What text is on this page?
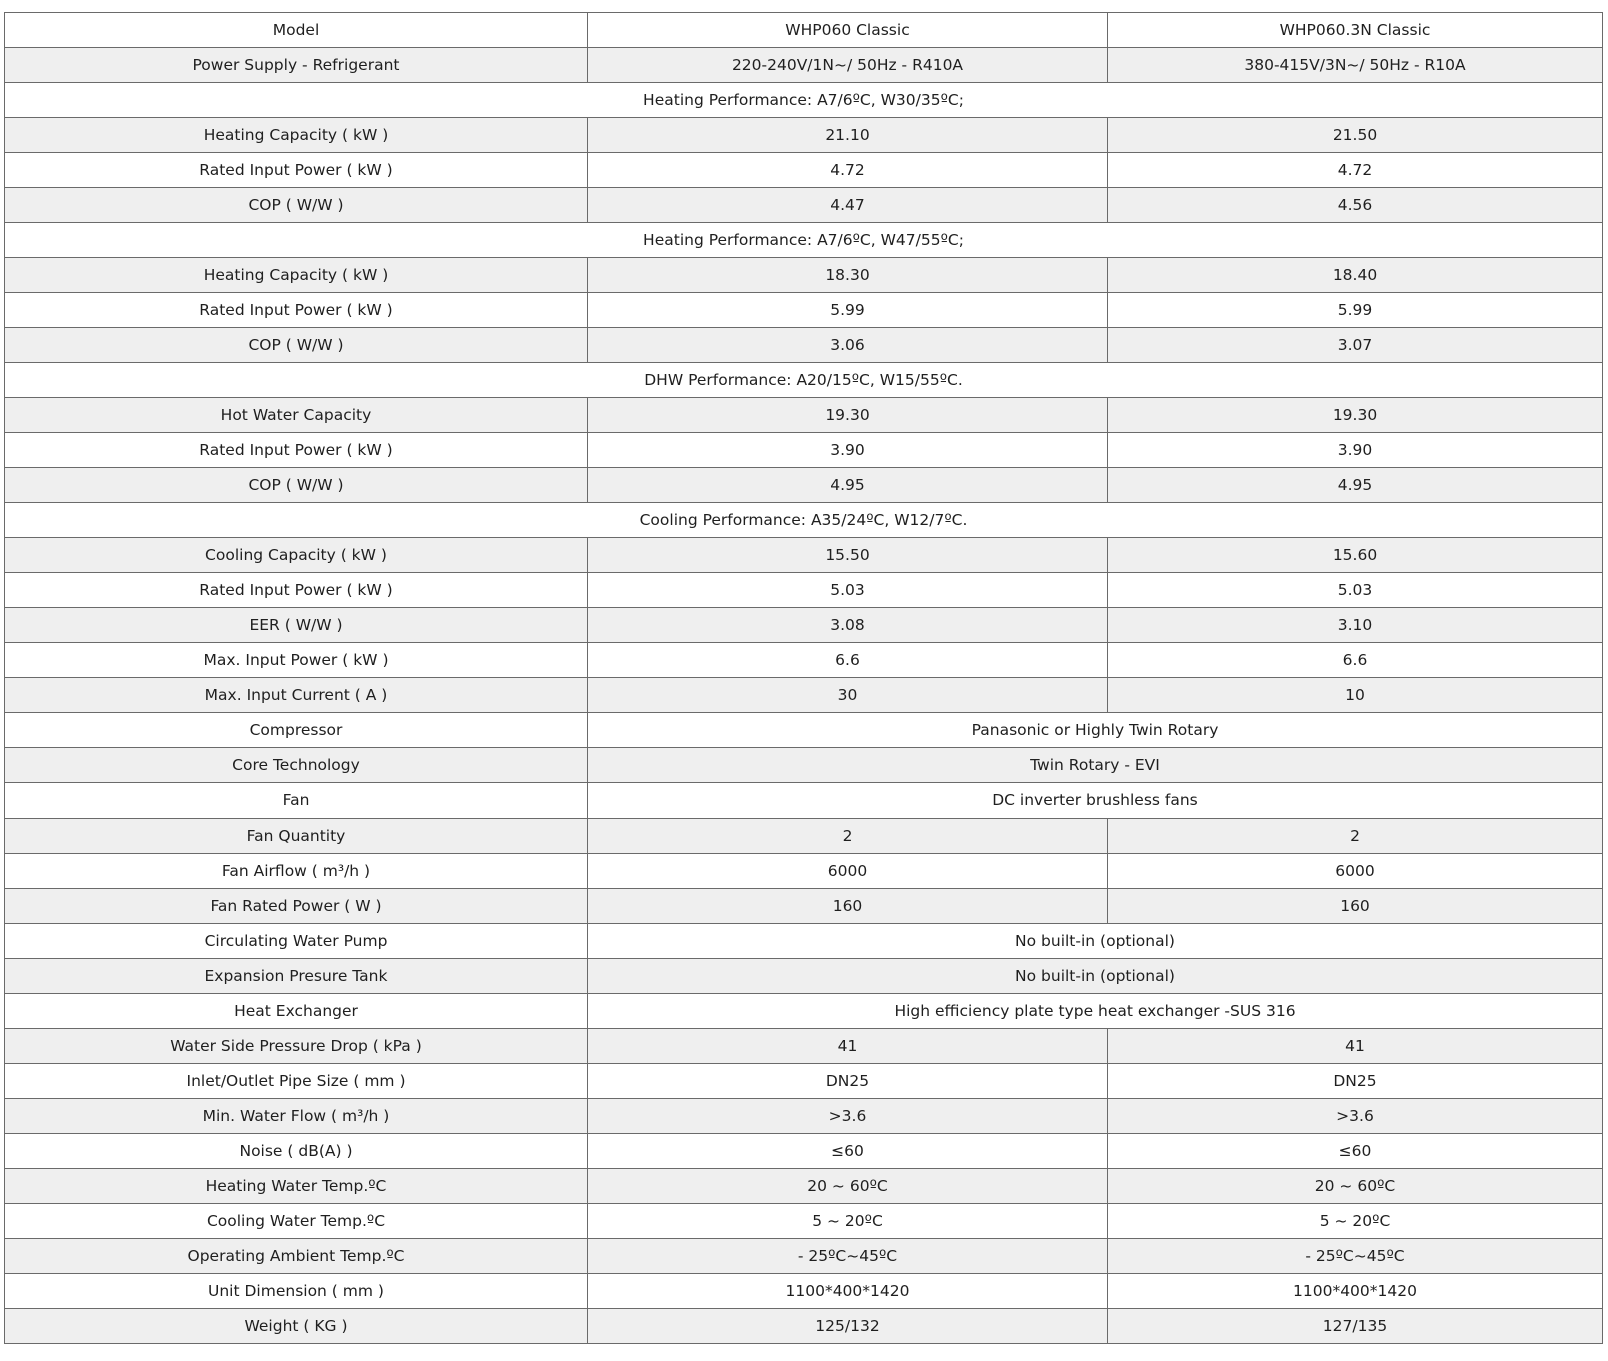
Model	WHP060 Classic	WHP060.3N Classic
Power Supply - Refrigerant	220-240V/1N~/ 50Hz - R410A	380-415V/3N~/ 50Hz - R10A
Heating Performance: A7/6ºC, W30/35ºC;		
Heating Capacity ( kW )	21.10	21.50
Rated Input Power ( kW )	4.72	4.72
COP ( W/W )	4.47	4.56
Heating Performance: A7/6ºC, W47/55ºC;		
Heating Capacity ( kW )	18.30	18.40
Rated Input Power ( kW )	5.99	5.99
COP ( W/W )	3.06	3.07
DHW Performance: A20/15ºC, W15/55ºC.		
Hot Water Capacity	19.30	19.30
Rated Input Power ( kW )	3.90	3.90
COP ( W/W )	4.95	4.95
Cooling Performance: A35/24ºC, W12/7ºC.		
Cooling Capacity ( kW )	15.50	15.60
Rated Input Power ( kW )	5.03	5.03
EER ( W/W )	3.08	3.10
Max. Input Power ( kW )	6.6	6.6
Max. Input Current ( A )	30	10
Compressor	Panasonic or Highly Twin Rotary	
Core Technology	Twin Rotary - EVI	
Fan	DC inverter brushless fans	
Fan Quantity	2	2
Fan Airflow ( m³/h )	6000	6000
Fan Rated Power ( W )	160	160
Circulating Water Pump	No built-in (optional)	
Expansion Presure Tank	No built-in (optional)	
Heat Exchanger	High efficiency plate type heat exchanger -SUS 316	
Water Side Pressure Drop ( kPa )	41	41
Inlet/Outlet Pipe Size ( mm )	DN25	DN25
Min. Water Flow ( m³/h )	>3.6	>3.6
Noise ( dB(A) )	≤60	≤60
Heating Water Temp.ºC	20 ~ 60ºC	20 ~ 60ºC
Cooling Water Temp.ºC	5 ~ 20ºC	5 ~ 20ºC
Operating Ambient Temp.ºC	- 25ºC~45ºC	- 25ºC~45ºC
Unit Dimension ( mm )	1100*400*1420	1100*400*1420
Weight ( KG )	125/132	127/135
